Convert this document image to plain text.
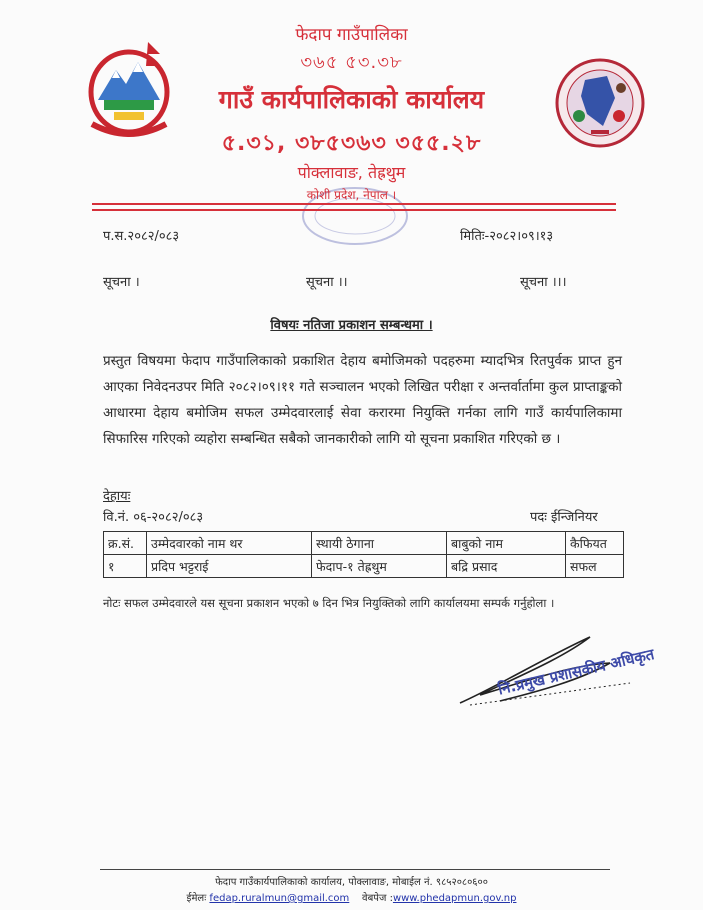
फेदाप गाउँपालिका
৩৬৫ ৫৩.৩৮
गाउँ कार्यपालिकाको कार्यालय
৫.৩১, ৩৮৫৩৬৩ ৩৫৫.২৮
पोक्लावाङ, तेह्रथुम
कोशी प्रदेश, नेपाल ।
प.स.२०८२/०८३	मितिः-२०८२।०९।१३
सूचना ।	सूचना ।।	सूचना ।।।
विषयः नतिजा प्रकाशन सम्बन्धमा ।
प्रस्तुत विषयमा फेदाप गाउँपालिकाको प्रकाशित देहाय बमोजिमको पदहरुमा म्यादभित्र रितपुर्वक प्राप्त हुन आएका निवेदनउपर मिति २०८२।०९।११ गते सञ्चालन भएको लिखित परीक्षा र अन्तर्वार्तामा कुल प्राप्ताङ्कको आधारमा देहाय बमोजिम सफल उम्मेदवारलाई सेवा करारमा नियुक्ति गर्नका लागि गाउँ कार्यपालिकामा सिफारिस गरिएको व्यहोरा सम्बन्धित सबैको जानकारीको लागि यो सूचना प्रकाशित गरिएको छ ।
देहायः
वि.नं. ०६-२०८२/०८३	पदः ईन्जिनियर
क्र.सं.	उम्मेदवारको नाम थर	स्थायी ठेगाना	बाबुको नाम	कैफियत
१	प्रदिप भट्टराई	फेदाप-१ तेह्रथुम	बद्रि प्रसाद	सफल
नोटः सफल उम्मेदवारले यस सूचना प्रकाशन भएको ७ दिन भित्र नियुक्तिको लागि कार्यालयमा सम्पर्क गर्नुहोला ।
नि.प्रमुख प्रशासकीय अधिकृत
फेदाप गाउँकार्यपालिकाको कार्यालय, पोक्लावाङ, मोबाईल नं. ९८५२०८०६००
ईमेलः fedap.ruralmun@gmail.com वेबपेज :www.phedapmun.gov.np
